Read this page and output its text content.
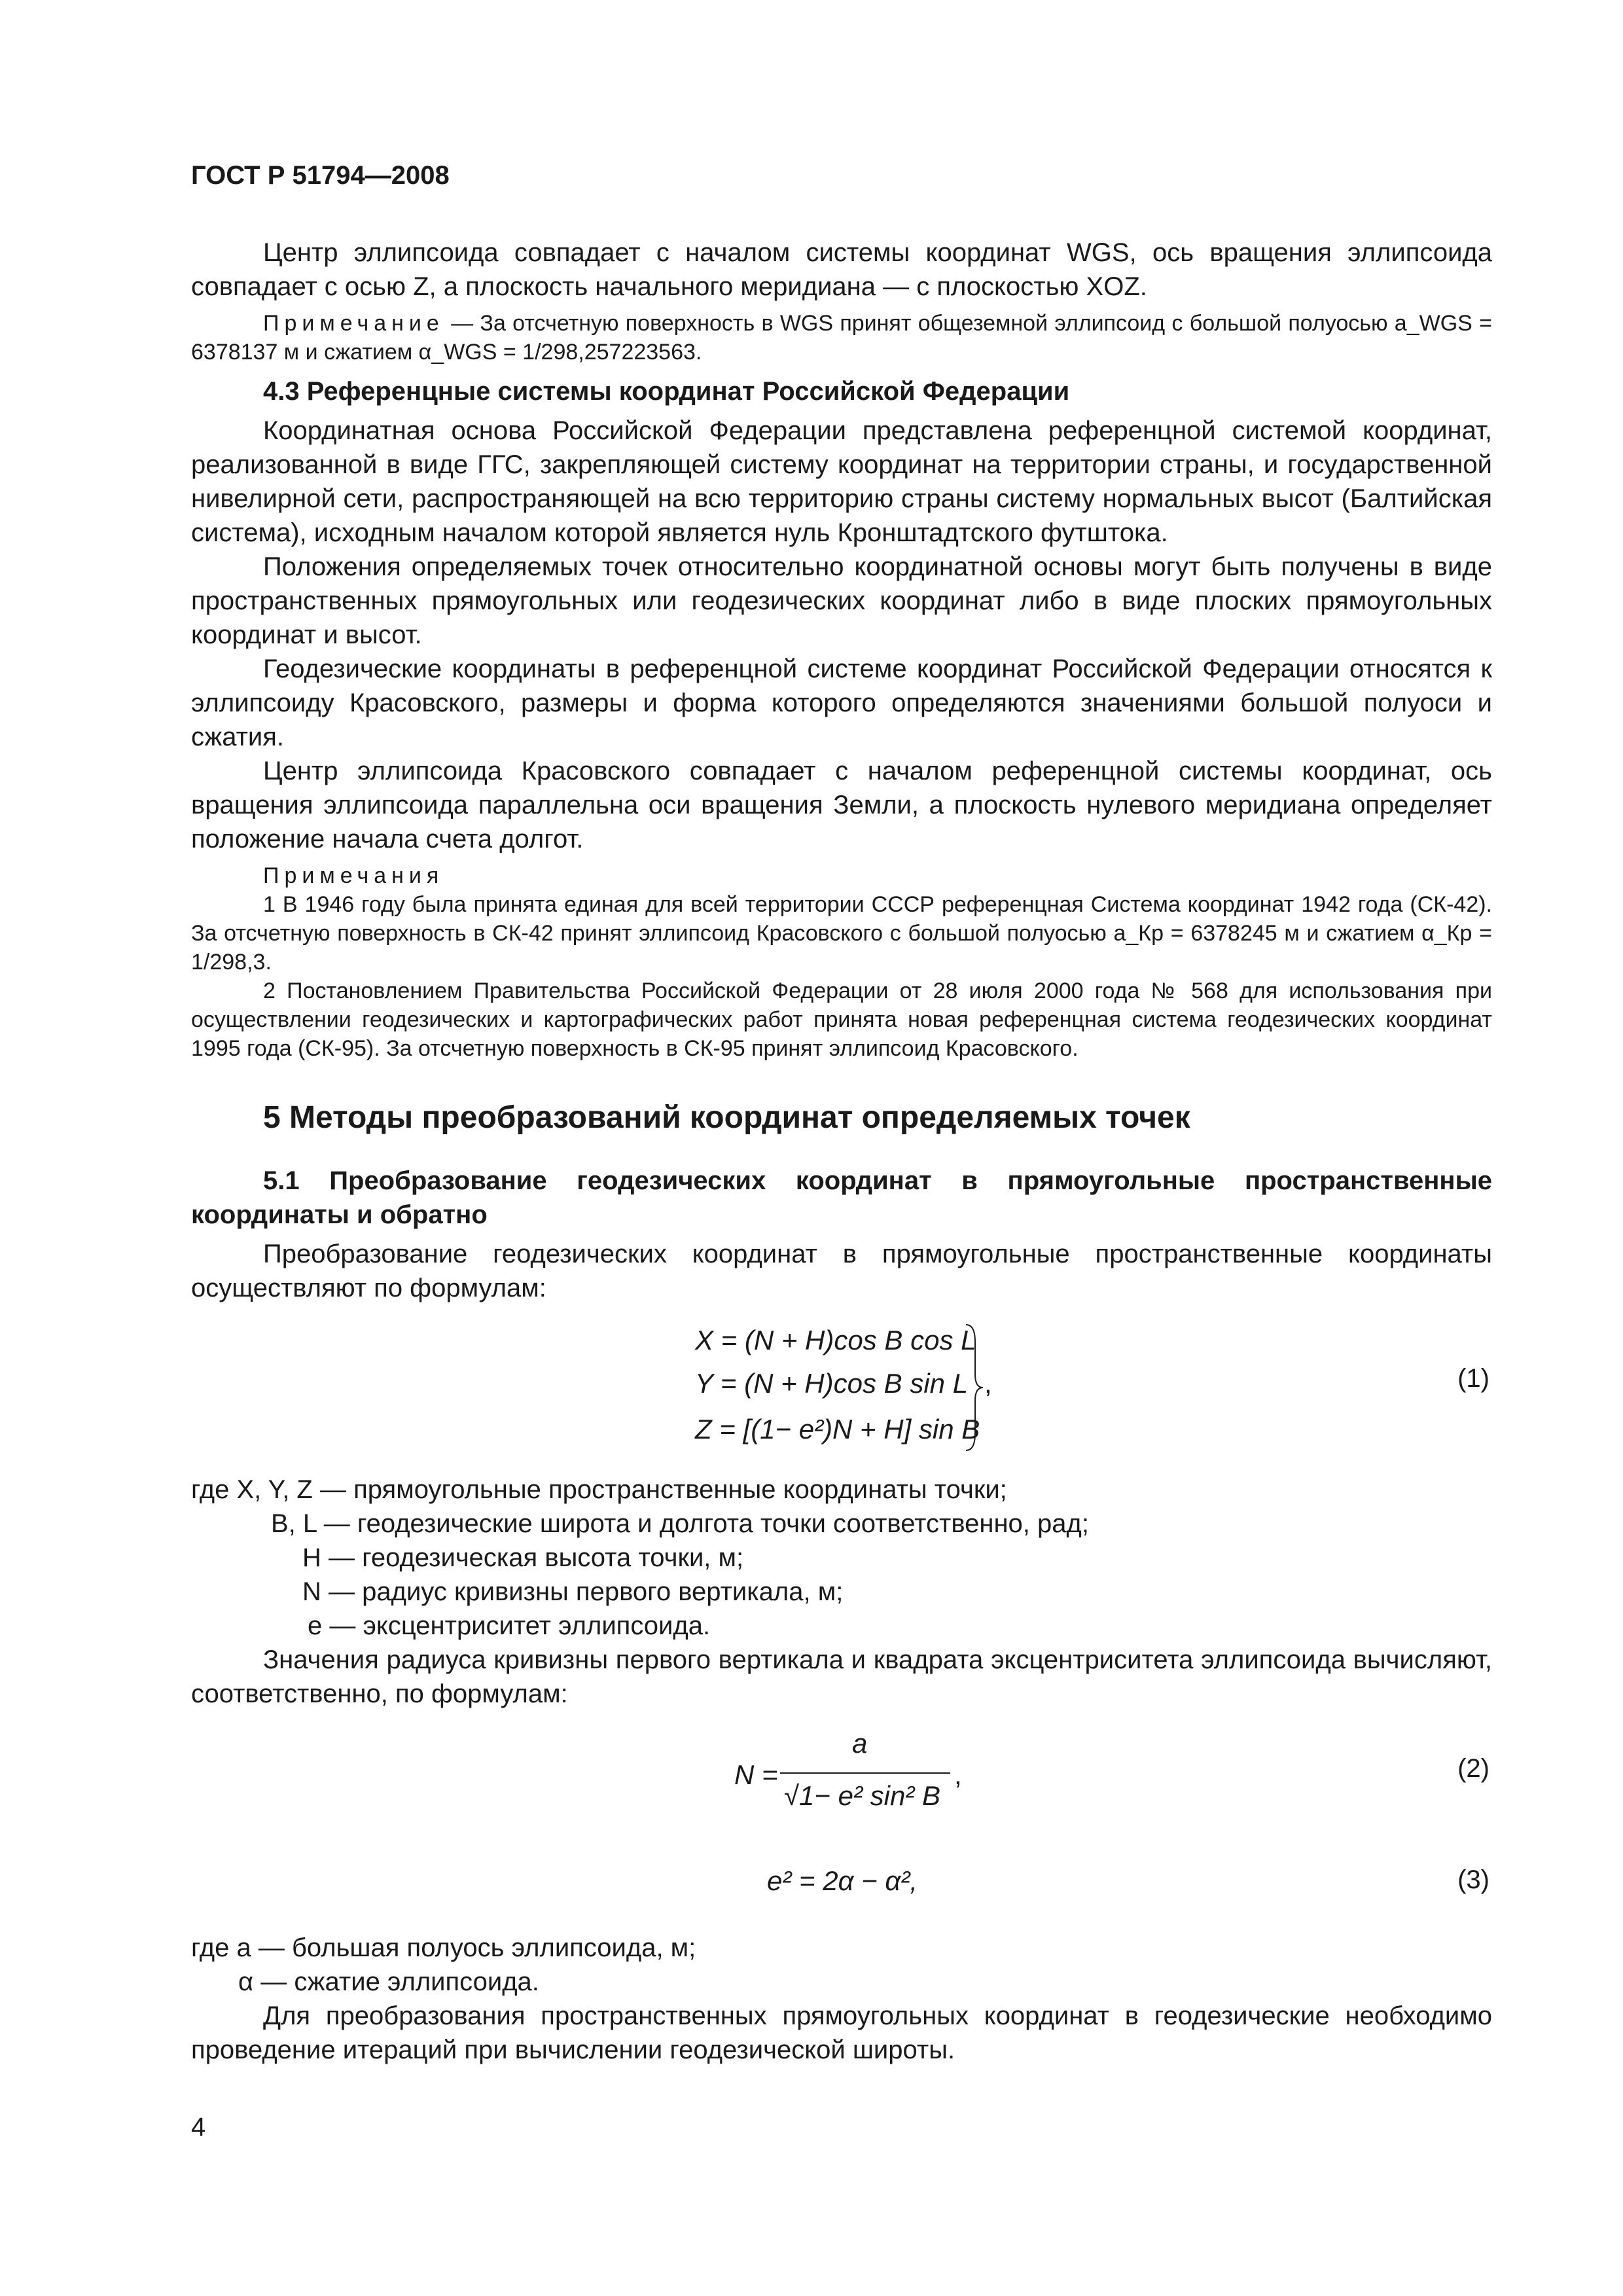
ГОСТ Р 51794—2008

Центр эллипсоида совпадает с началом системы координат WGS, ось вращения эллипсоида совпадает с осью Z, а плоскость начального меридиана — с плоскостью XOZ.

Примечание — За отсчетную поверхность в WGS принят общеземной эллипсоид с большой полуосью a_WGS = 6378137 м и сжатием α_WGS = 1/298,257223563.

4.3 Референцные системы координат Российской Федерации

Координатная основа Российской Федерации представлена референцной системой координат, реализованной в виде ГГС, закрепляющей систему координат на территории страны, и государственной нивелирной сети, распространяющей на всю территорию страны систему нормальных высот (Балтийская система), исходным началом которой является нуль Кронштадтского футштока.

Положения определяемых точек относительно координатной основы могут быть получены в виде пространственных прямоугольных или геодезических координат либо в виде плоских прямоугольных координат и высот.

Геодезические координаты в референцной системе координат Российской Федерации относятся к эллипсоиду Красовского, размеры и форма которого определяются значениями большой полуоси и сжатия.

Центр эллипсоида Красовского совпадает с началом референцной системы координат, ось вращения эллипсоида параллельна оси вращения Земли, а плоскость нулевого меридиана определяет положение начала счета долгот.

Примечания

1 В 1946 году была принята единая для всей территории СССР референцная Система координат 1942 года (СК-42). За отсчетную поверхность в СК-42 принят эллипсоид Красовского с большой полуосью a_Кр = 6378245 м и сжатием α_Кр = 1/298,3.

2 Постановлением Правительства Российской Федерации от 28 июля 2000 года № 568 для использования при осуществлении геодезических и картографических работ принята новая референцная система геодезических координат 1995 года (СК-95). За отсчетную поверхность в СК-95 принят эллипсоид Красовского.

5 Методы преобразований координат определяемых точек
5.1 Преобразование геодезических координат в прямоугольные пространственные координаты и обратно

Преобразование геодезических координат в прямоугольные пространственные координаты осуществляют по формулам:

X = (N + H)cos B cos L
Y = (N + H)cos B sin L
Z = [(1− e²)N + H] sin B
,	(1)
где X, Y, Z — прямоугольные пространственные координаты точки;
B, L — геодезические широта и долгота точки соответственно, рад;
H — геодезическая высота точки, м;
N — радиус кривизны первого вертикала, м;
e — эксцентриситет эллипсоида.

Значения радиуса кривизны первого вертикала и квадрата эксцентриситета эллипсоида вычисляют, соответственно, по формулам:

N =
a
√1− e² sin² B
,	(2)
e² = 2α − α²,	(3)
где a — большая полуось эллипсоида, м;
α — сжатие эллипсоида.

Для преобразования пространственных прямоугольных координат в геодезические необходимо проведение итераций при вычислении геодезической широты.

4
